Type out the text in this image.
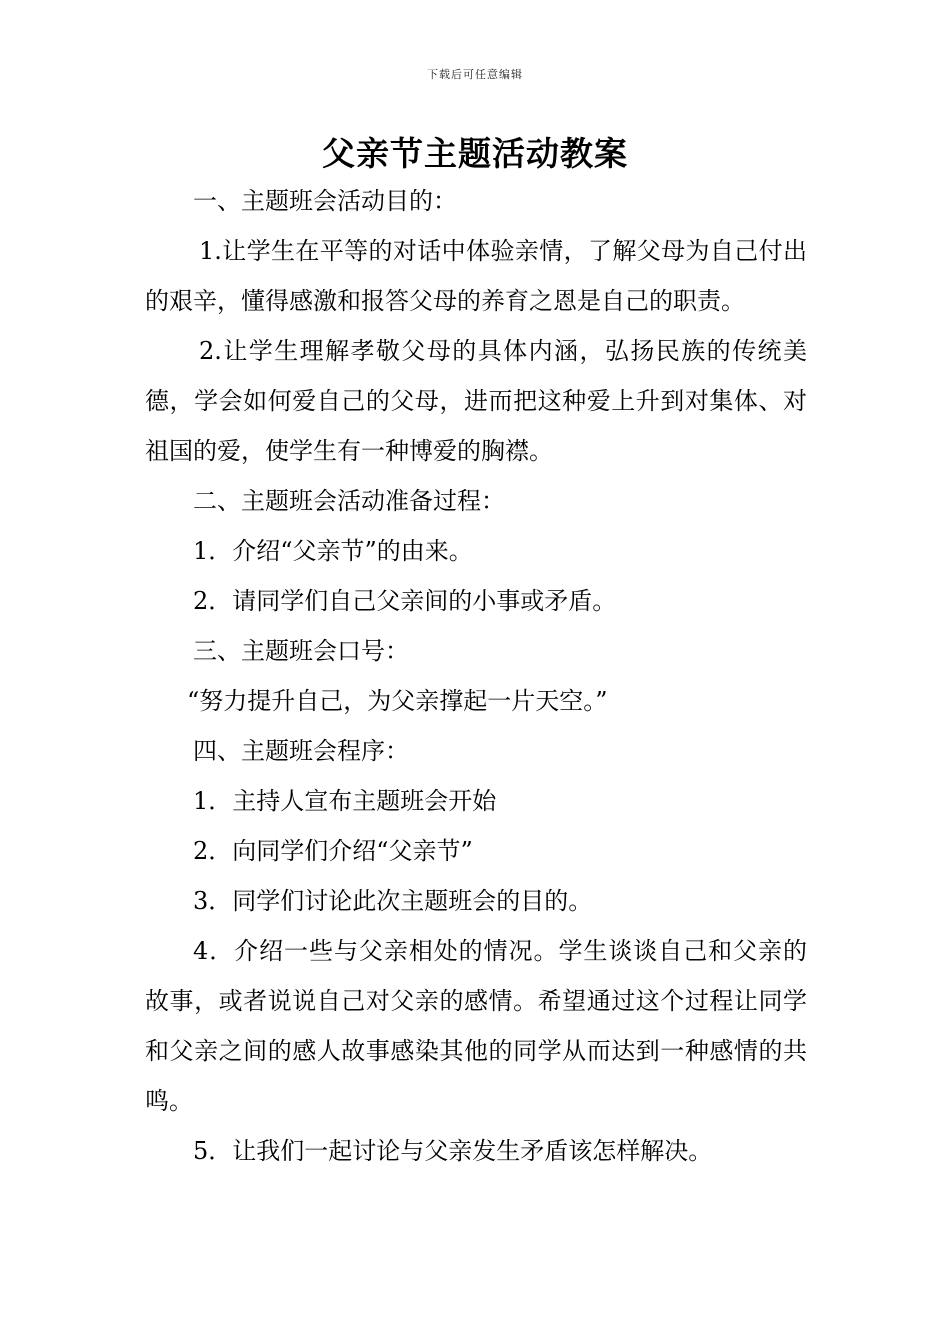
下载后可任意编辑
父亲节主题活动教案

一、主题班会活动目的：

1.让学生在平等的对话中体验亲情，了解父母为自己付出的艰辛，懂得感激和报答父母的养育之恩是自己的职责。

2.让学生理解孝敬父母的具体内涵，弘扬民族的传统美德，学会如何爱自己的父母，进而把这种爱上升到对集体、对祖国的爱，使学生有一种博爱的胸襟。

二、主题班会活动准备过程：

1．介绍“父亲节”的由来。

2．请同学们自己父亲间的小事或矛盾。

三、主题班会口号：

“努力提升自己，为父亲撑起一片天空。”

四、主题班会程序：

1．主持人宣布主题班会开始

2．向同学们介绍“父亲节”

3．同学们讨论此次主题班会的目的。

4．介绍一些与父亲相处的情况。学生谈谈自己和父亲的故事，或者说说自己对父亲的感情。希望通过这个过程让同学和父亲之间的感人故事感染其他的同学从而达到一种感情的共鸣。

5．让我们一起讨论与父亲发生矛盾该怎样解决。
